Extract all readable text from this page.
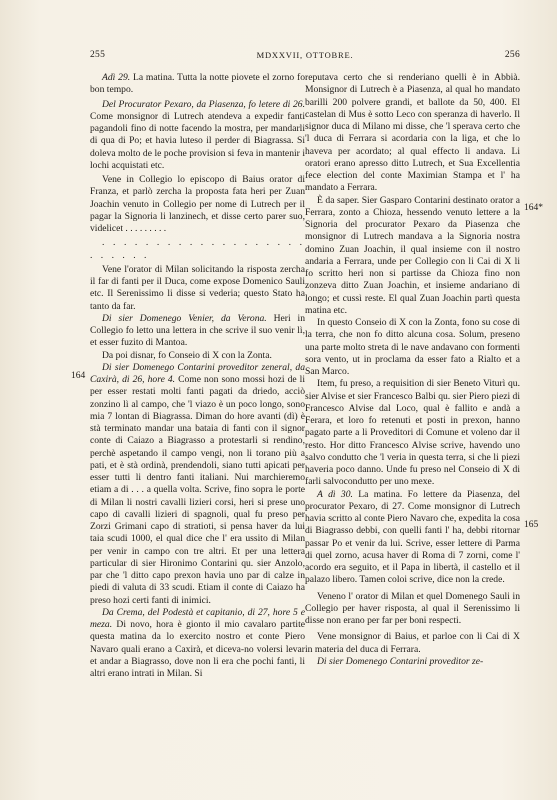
255	MDXXVII, OTTOBRE.	256
164
164*
165

Adì 29. La matina. Tutta la notte piovete el zorno fo bon tempo.

Del Procurator Pexaro, da Piasenza, fo letere di 26. Come monsignor di Lutrech atendeva a expedir fanti pagandoli fino di notte facendo la mostra, per mandarli di qua di Po; et havia luteso il perder di Biagrassa. Si doleva molto de le poche provision si feva in mantenir i lochi acquistati etc.

Vene in Collegio lo episcopo di Baius orator di Franza, et parlò zercha la proposta fata heri per Zuan Joachin venuto in Collegio per nome di Lutrech per il pagar la Signoria li lanzinech, et disse certo parer suo, videlicet . . . . . . . . .

. . . . . . . . . . . . . . . . . . . . . . . . .

Vene l'orator di Milan solicitando la risposta zercha il far di fanti per il Duca, come expose Domenico Sauli etc. Il Serenissimo li disse si vederia; questo Stato ha tanto da far.

Di sier Domenego Venier, da Verona. Heri in Collegio fo letto una lettera in che scrive il suo venir lì, et esser fuzito di Mantoa.

Da poi disnar, fo Conseio di X con la Zonta.

Di sier Domenego Contarini proveditor zeneral, da Caxirà, di 26, hore 4. Come non sono mossi hozi de li per esser restati molti fanti pagati da driedo, acciò zonzino lì al campo, che 'l viazo è un poco longo, sono mia 7 lontan di Biagrassa. Diman do hore avanti (dì) è stà terminato mandar una bataia di fanti con il signor conte di Caiazo a Biagrasso a protestarli si rendino, perchè aspetando il campo vengi, non li torano più a pati, et è stà ordinà, prendendoli, siano tutti apicati per esser tutti li dentro fanti italiani. Nui marchieremo etiam a di . . . a quella volta. Scrive, fino sopra le porte di Milan li nostri cavalli lizieri corsi, heri si prese uno capo di cavalli lizieri di spagnoli, qual fu preso per Zorzi Grimani capo di stratioti, si pensa haver da lui taia scudi 1000, el qual dice che l' era ussito di Milan per venir in campo con tre altri. Et per una lettera particular di sier Hironimo Contarini qu. sier Anzolo, par che 'l ditto capo prexon havia uno par di calze in piedi di valuta di 33 scudi. Etiam il conte di Caiazo ha preso hozi certi fanti di inimici.

Da Crema, del Podestà et capitanio, di 27, hore 5 e meza. Di novo, hora è gionto il mio cavalaro partite questa matina da lo exercito nostro et conte Piero Navaro quali erano a Caxirà, et diceva-no volersi levar et andar a Biagrasso, dove non li era che pochi fanti, li altri erano intrati in Milan. Si

reputava certo che si renderiano quelli è in Abbià. Monsignor di Lutrech è a Piasenza, al qual ho mandato barilli 200 polvere grandi, et ballote da 50, 400. El castelan di Mus è sotto Leco con speranza di haverlo. Il signor duca di Milano mi disse, che 'l sperava certo che 'l duca di Ferrara si acordaria con la liga, et che lo haveva per acordato; al qual effecto li andava. Li oratori erano apresso ditto Lutrech, et Sua Excellentia fece election del conte Maximian Stampa et l' ha mandato a Ferrara.

È da saper. Sier Gasparo Contarini destinato orator a Ferrara, zonto a Chioza, hessendo venuto lettere a la Signoria del procurator Pexaro da Piasenza che monsignor di Lutrech mandava a la Signoria nostra domino Zuan Joachin, il qual insieme con il nostro andaria a Ferrara, unde per Collegio con li Cai di X li fo scritto heri non si partisse da Chioza fino non zonzeva ditto Zuan Joachin, et insieme andariano di longo; et cussì reste. El qual Zuan Joachin partì questa matina etc.

In questo Conseio di X con la Zonta, fono su cose di la terra, che non fo ditto alcuna cosa. Solum, preseno una parte molto streta di le nave andavano con formenti sora vento, ut in proclama da esser fato a Rialto et a San Marco.

Item, fu preso, a requisition di sier Beneto Viturì qu. sier Alvise et sier Francesco Balbi qu. sier Piero piezi di Francesco Alvise dal Loco, qual è fallito e andà a Ferara, et loro fo retenuti et posti in prexon, hanno pagato parte a li Proveditori di Comune et voleno dar il resto. Hor ditto Francesco Alvise scrive, havendo uno salvo condutto che 'l veria in questa terra, si che li piezi haveria poco danno. Unde fu preso nel Conseio di X di farli salvocondutto per uno mexe.

A dì 30. La matina. Fo lettere da Piasenza, del procurator Pexaro, di 27. Come monsignor di Lutrech havia scritto al conte Piero Navaro che, expedita la cosa di Biagrasso debbi, con quelli fanti l' ha, debbi ritornar passar Po et venir da lui. Scrive, esser lettere di Parma di quel zorno, acusa haver di Roma di 7 zorni, come l' acordo era seguito, et il Papa in libertà, il castello et il palazo libero. Tamen coloi scrive, dice non la crede.

Veneno l' orator di Milan et quel Domenego Sauli in Collegio per haver risposta, al qual il Serenissimo li disse non erano per far per boni respecti.

Vene monsignor di Baius, et parloe con li Cai di X in materia del duca di Ferrara.

Di sier Domenego Contarini proveditor ze-
